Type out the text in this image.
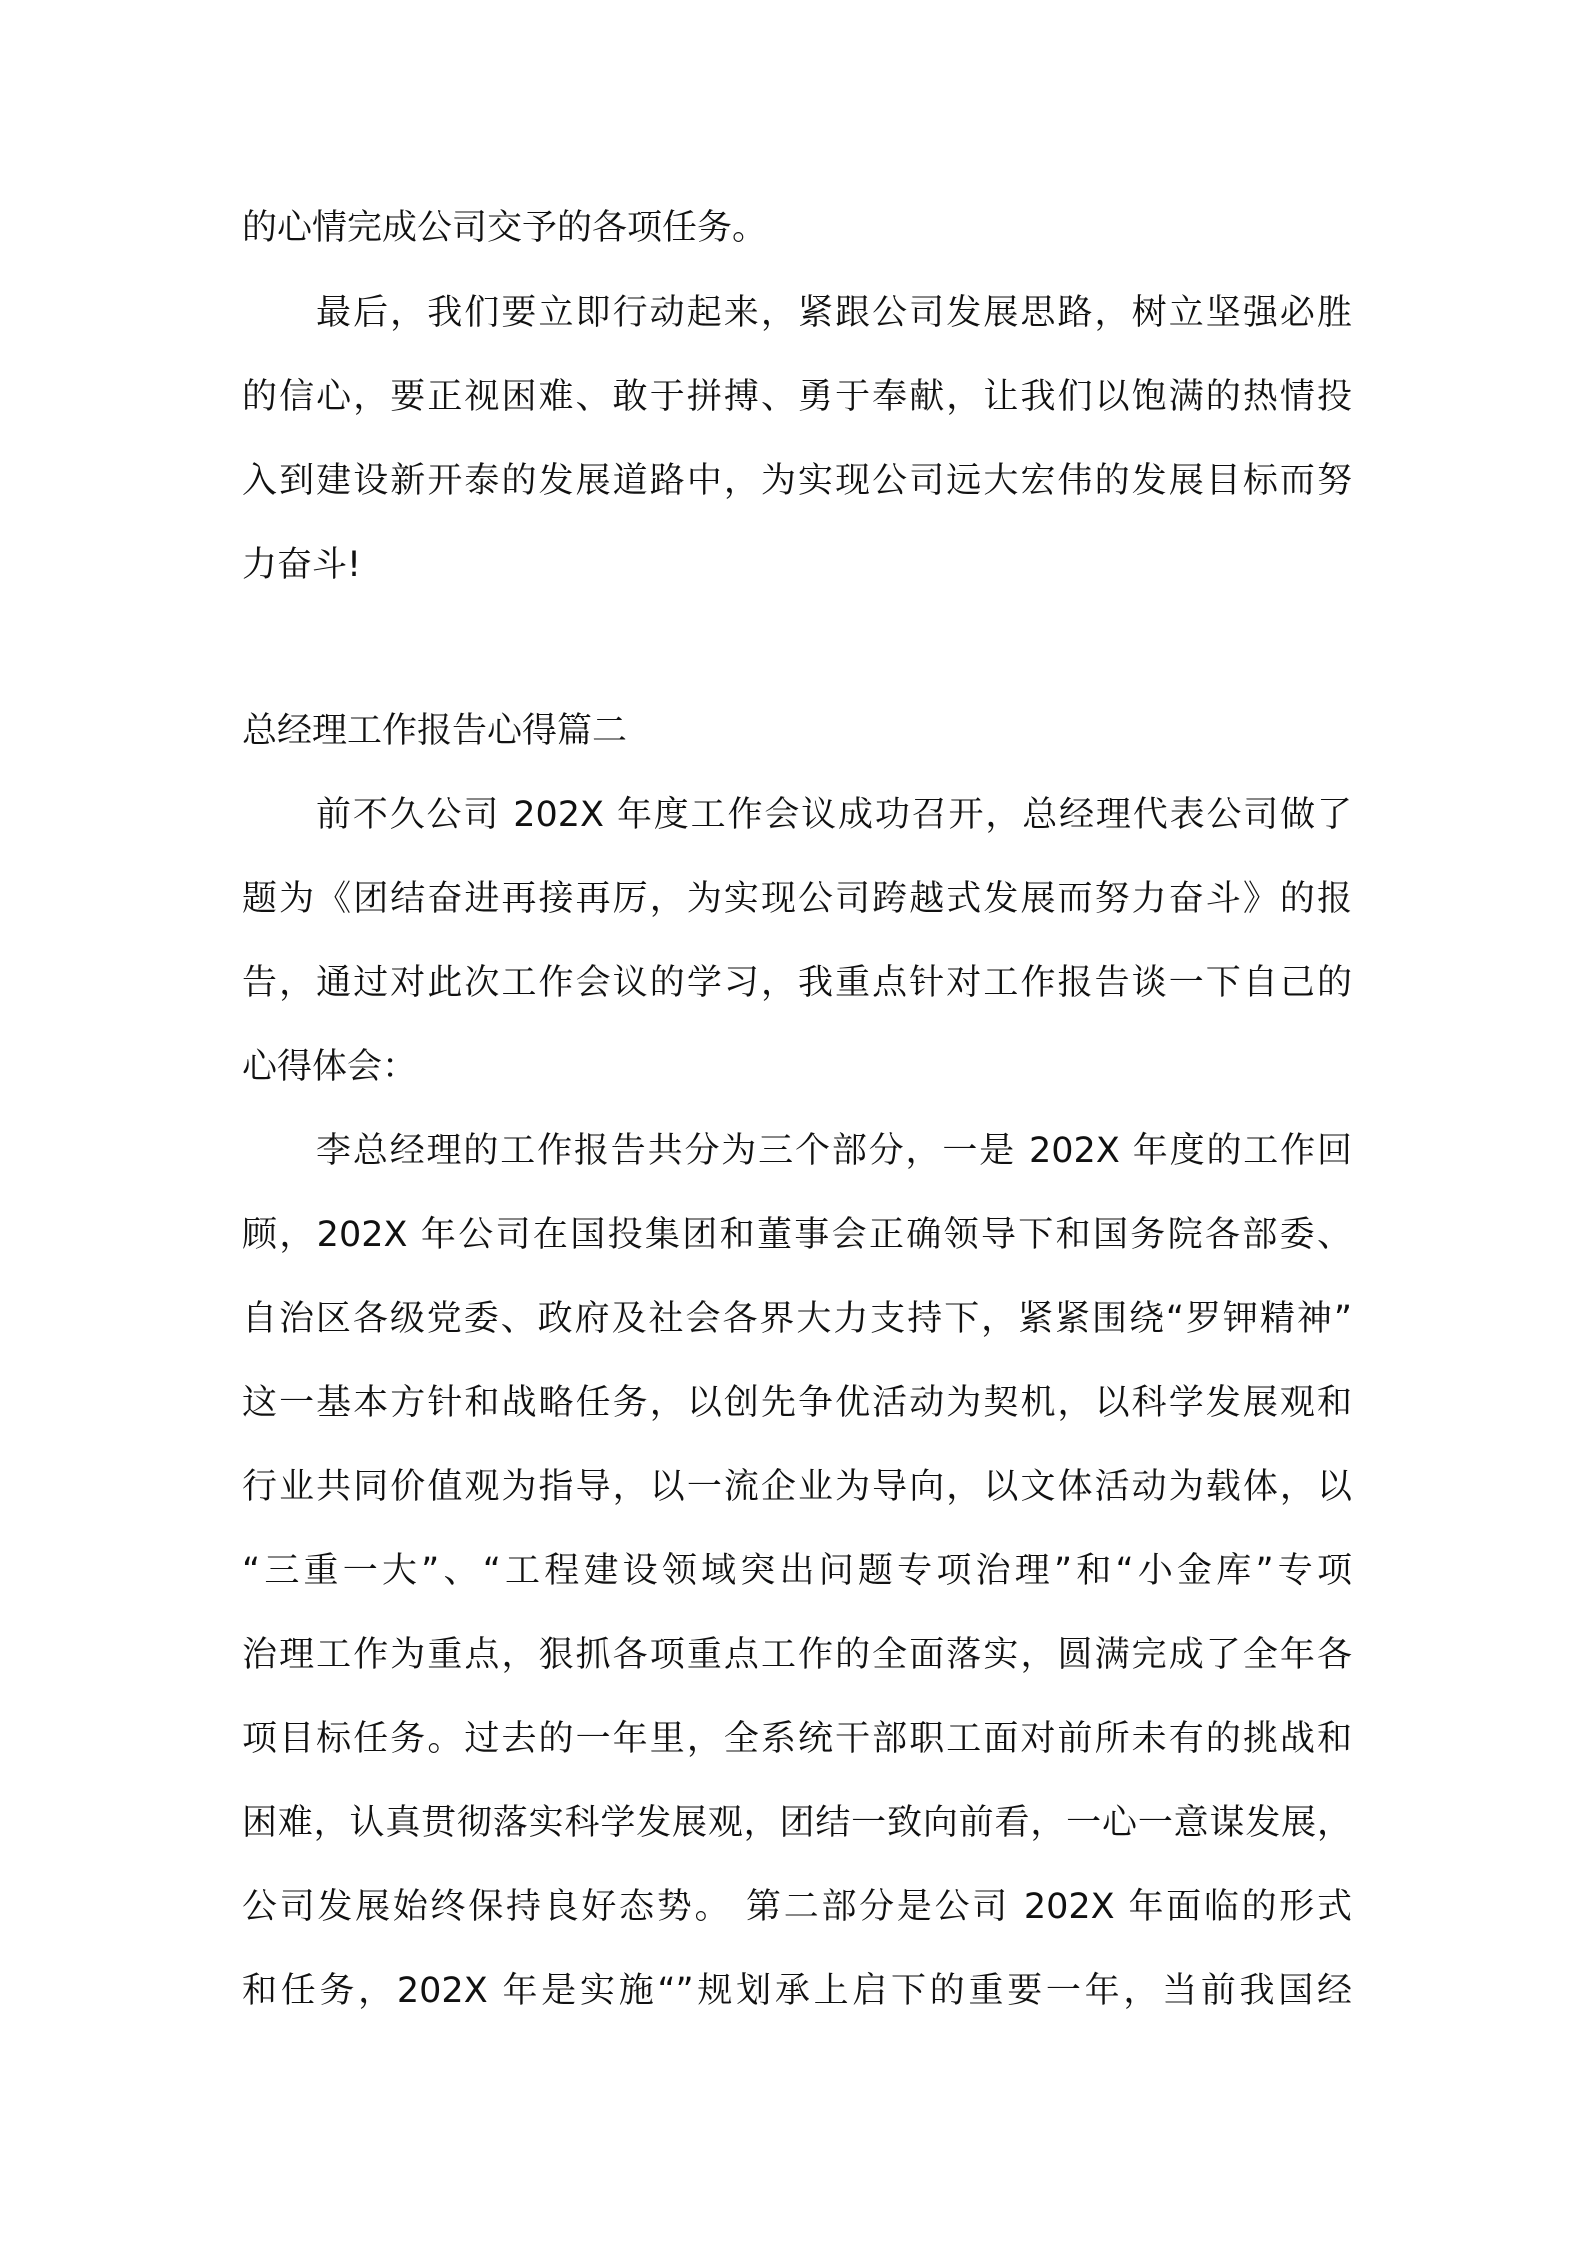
的心情完成公司交予的各项任务。
最后，我们要立即行动起来，紧跟公司发展思路，树立坚强必胜
的信心，要正视困难、敢于拼搏、勇于奉献，让我们以饱满的热情投
入到建设新开泰的发展道路中，为实现公司远大宏伟的发展目标而努
力奋斗!
总经理工作报告心得篇二
前不久公司 202X 年度工作会议成功召开，总经理代表公司做了
题为《团结奋进再接再厉，为实现公司跨越式发展而努力奋斗》的报
告，通过对此次工作会议的学习，我重点针对工作报告谈一下自己的
心得体会：
李总经理的工作报告共分为三个部分，一是 202X 年度的工作回
顾，202X 年公司在国投集团和董事会正确领导下和国务院各部委、
自治区各级党委、政府及社会各界大力支持下，紧紧围绕“罗钾精神”
这一基本方针和战略任务，以创先争优活动为契机，以科学发展观和
行业共同价值观为指导，以一流企业为导向，以文体活动为载体，以
“三重一大”、“工程建设领域突出问题专项治理”和“小金库”专项
治理工作为重点，狠抓各项重点工作的全面落实，圆满完成了全年各
项目标任务。过去的一年里，全系统干部职工面对前所未有的挑战和
困难，认真贯彻落实科学发展观，团结一致向前看，一心一意谋发展，
公司发展始终保持良好态势。 第二部分是公司 202X 年面临的形式
和任务，202X 年是实施“”规划承上启下的重要一年，当前我国经
